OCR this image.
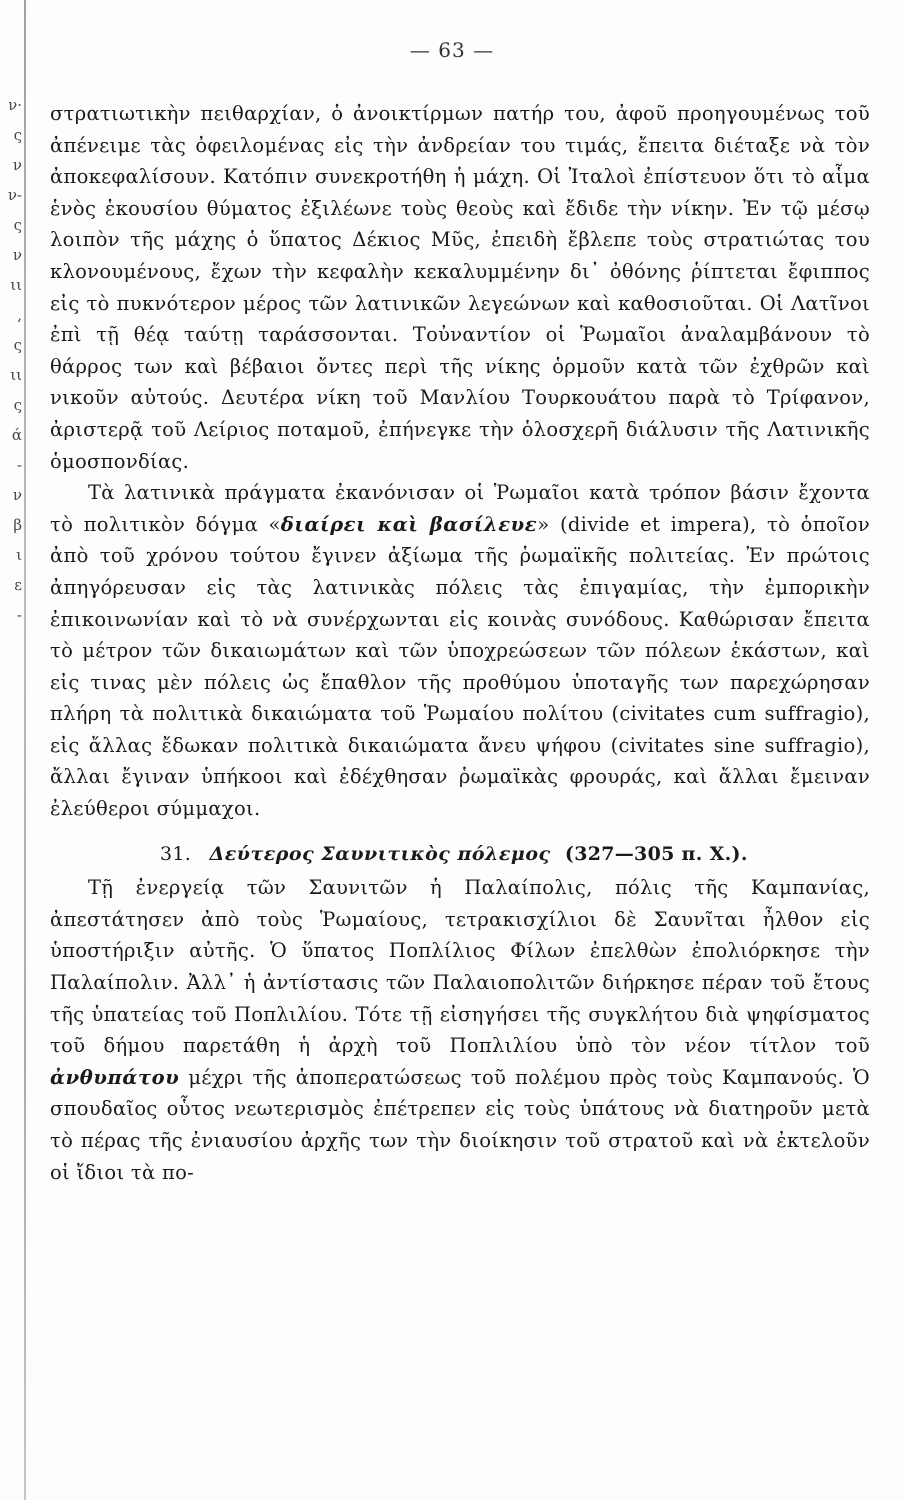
ν·
ς
ν
ν-
ς
ν
ιι
,
ς
ιι
ς
ά
-
ν
β
ι
ε
-
— 63 —

στρατιωτικὴν πειθαρχίαν, ὁ ἀνοικτίρμων πατήρ του, ἀφοῦ προηγουμένως τοῦ ἀπένειμε τὰς ὀφειλομένας εἰς τὴν ἀνδρείαν του τιμάς, ἔπειτα διέταξε νὰ τὸν ἀποκεφαλίσουν. Κατόπιν συνεκροτήθη ἡ μάχη. Οἱ Ἰταλοὶ ἐπίστευον ὅτι τὸ αἷμα ἑνὸς ἑκουσίου θύματος ἐξιλέωνε τοὺς θεοὺς καὶ ἔδιδε τὴν νίκην. Ἐν τῷ μέσῳ λοιπὸν τῆς μάχης ὁ ὕπατος Δέκιος Μῦς, ἐπειδὴ ἔβλεπε τοὺς στρατιώτας του κλονουμένους, ἔχων τὴν κεφαλὴν κεκαλυμμένην δι᾿ ὀθόνης ῥίπτεται ἔφιππος εἰς τὸ πυκνότερον μέρος τῶν λατινικῶν λεγεώνων καὶ καθοσιοῦται. Οἱ Λατῖνοι ἐπὶ τῇ θέᾳ ταύτῃ ταράσσονται. Τοὐναντίον οἱ Ῥωμαῖοι ἀναλαμβάνουν τὸ θάρρος των καὶ βέβαιοι ὄντες περὶ τῆς νίκης ὁρμοῦν κατὰ τῶν ἐχθρῶν καὶ νικοῦν αὐτούς. Δευτέρα νίκη τοῦ Μανλίου Τουρκουάτου παρὰ τὸ Τρίφανον, ἀριστερᾷ τοῦ Λείριος ποταμοῦ, ἐπήνεγκε τὴν ὁλοσχερῆ διάλυσιν τῆς Λατινικῆς ὁμοσπονδίας.

Τὰ λατινικὰ πράγματα ἐκανόνισαν οἱ Ῥωμαῖοι κατὰ τρόπον βάσιν ἔχοντα τὸ πολιτικὸν δόγμα «διαίρει καὶ βασίλευε» (divide et impera), τὸ ὁποῖον ἀπὸ τοῦ χρόνου τούτου ἔγινεν ἀξίωμα τῆς ῥωμαϊκῆς πολιτείας. Ἐν πρώτοις ἀπηγόρευσαν εἰς τὰς λατινικὰς πόλεις τὰς ἐπιγαμίας, τὴν ἐμπορικὴν ἐπικοινωνίαν καὶ τὸ νὰ συνέρχωνται εἰς κοινὰς συνόδους. Καθώρισαν ἔπειτα τὸ μέτρον τῶν δικαιωμάτων καὶ τῶν ὑποχρεώσεων τῶν πόλεων ἑκάστων, καὶ εἰς τινας μὲν πόλεις ὡς ἔπαθλον τῆς προθύμου ὑποταγῆς των παρεχώρησαν πλήρη τὰ πολιτικὰ δικαιώματα τοῦ Ῥωμαίου πολίτου (civitates cum suffragio), εἰς ἄλλας ἔδωκαν πολιτικὰ δικαιώματα ἄνευ ψήφου (civitates sine suffragio), ἄλλαι ἔγιναν ὑπήκοοι καὶ ἐδέχθησαν ῥωμαϊκὰς φρουράς, καὶ ἄλλαι ἔμειναν ἐλεύθεροι σύμμαχοι.

31. Δεύτερος Σαυνιτικὸς πόλεμος (327—305 π. Χ.).

Τῇ ἐνεργείᾳ τῶν Σαυνιτῶν ἡ Παλαίπολις, πόλις τῆς Καμπανίας, ἀπεστάτησεν ἀπὸ τοὺς Ῥωμαίους, τετρακισχίλιοι δὲ Σαυνῖται ἦλθον εἰς ὑποστήριξιν αὐτῆς. Ὁ ὕπατος Ποπλίλιος Φίλων ἐπελθὼν ἐπολιόρκησε τὴν Παλαίπολιν. Ἀλλ᾿ ἡ ἀντίστασις τῶν Παλαιοπολιτῶν διήρκησε πέραν τοῦ ἔτους τῆς ὑπατείας τοῦ Ποπλιλίου. Τότε τῇ εἰσηγήσει τῆς συγκλήτου διὰ ψηφίσματος τοῦ δήμου παρετάθη ἡ ἀρχὴ τοῦ Ποπλιλίου ὑπὸ τὸν νέον τίτλον τοῦ ἀνθυπάτου μέχρι τῆς ἀποπερατώσεως τοῦ πολέμου πρὸς τοὺς Καμπανούς. Ὁ σπουδαῖος οὗτος νεωτερισμὸς ἐπέτρεπεν εἰς τοὺς ὑπάτους νὰ διατηροῦν μετὰ τὸ πέρας τῆς ἐνιαυσίου ἀρχῆς των τὴν διοίκησιν τοῦ στρατοῦ καὶ νὰ ἐκτελοῦν οἱ ἴδιοι τὰ πο-
